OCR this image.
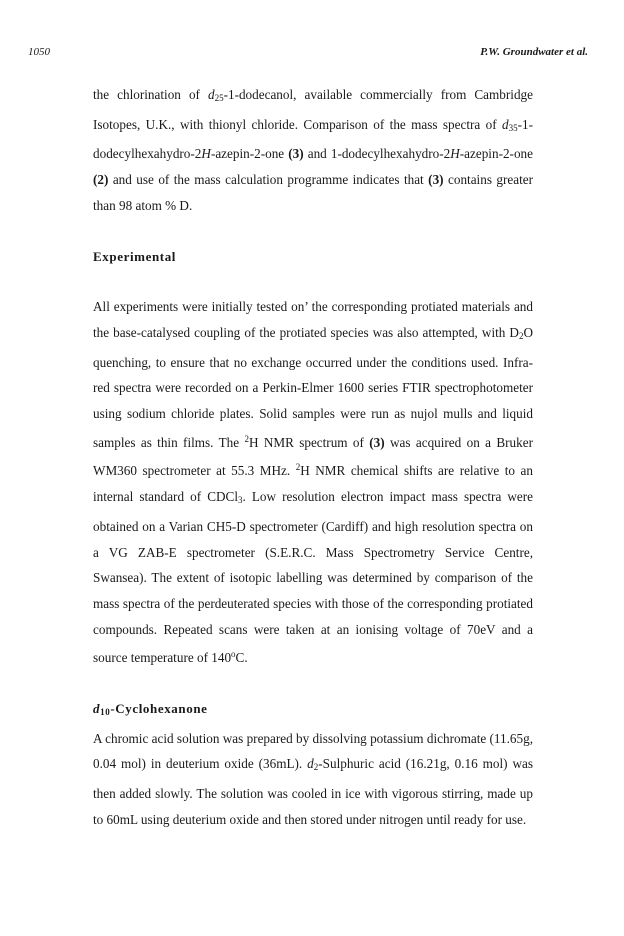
1050	P.W. Groundwater et al.

the chlorination of $d_{25}-1$-dodecanol, available commercially from Cambridge Isotopes, U.K., with thionyl chloride. Comparison of the mass spectra of $d_{35}-1-dodecylhexahydro-2H-azepin-2$-one (3) and 1-dodecylhexahydro-2H-azepin-2-one (2) and use of the mass calculation programme indicates that (3) contains greater than 98 atom % D.

Experimental

All experiments were initially tested on’ the corresponding protiated materials and the base-catalysed coupling of the protiated species was also attempted, with $D_2O$ quenching, to ensure that no exchange occurred under the conditions used. Infra-red spectra were recorded on a Perkin-Elmer 1600 series FTIR spectrophotometer using sodium chloride plates. Solid samples were run as nujol mulls and liquid samples as thin films. The $^2$H NMR spectrum of (3) was acquired on a Bruker WM360 spectrometer at 55.3 MHz. $^2$H NMR chemical shifts are relative to an internal standard of CDCl$_3$. Low resolution electron impact mass spectra were obtained on a Varian CH5-D spectrometer (Cardiff) and high resolution spectra on a VG ZAB-E spectrometer (S.E.R.C. Mass Spectrometry Service Centre, Swansea). The extent of isotopic labelling was determined by comparison of the mass spectra of the perdeuterated species with those of the corresponding protiated compounds. Repeated scans were taken at an ionising voltage of 70eV and a source temperature of 140$^o$C.

$d_{10}$-Cyclohexanone

A chromic acid solution was prepared by dissolving potassium dichromate (11.65g, 0.04 mol) in deuterium oxide (36mL). $d_2$-Sulphuric acid (16.21g, 0.16 mol) was then added slowly. The solution was cooled in ice with vigorous stirring, made up to 60mL using deuterium oxide and then stored under nitrogen until ready for use.
